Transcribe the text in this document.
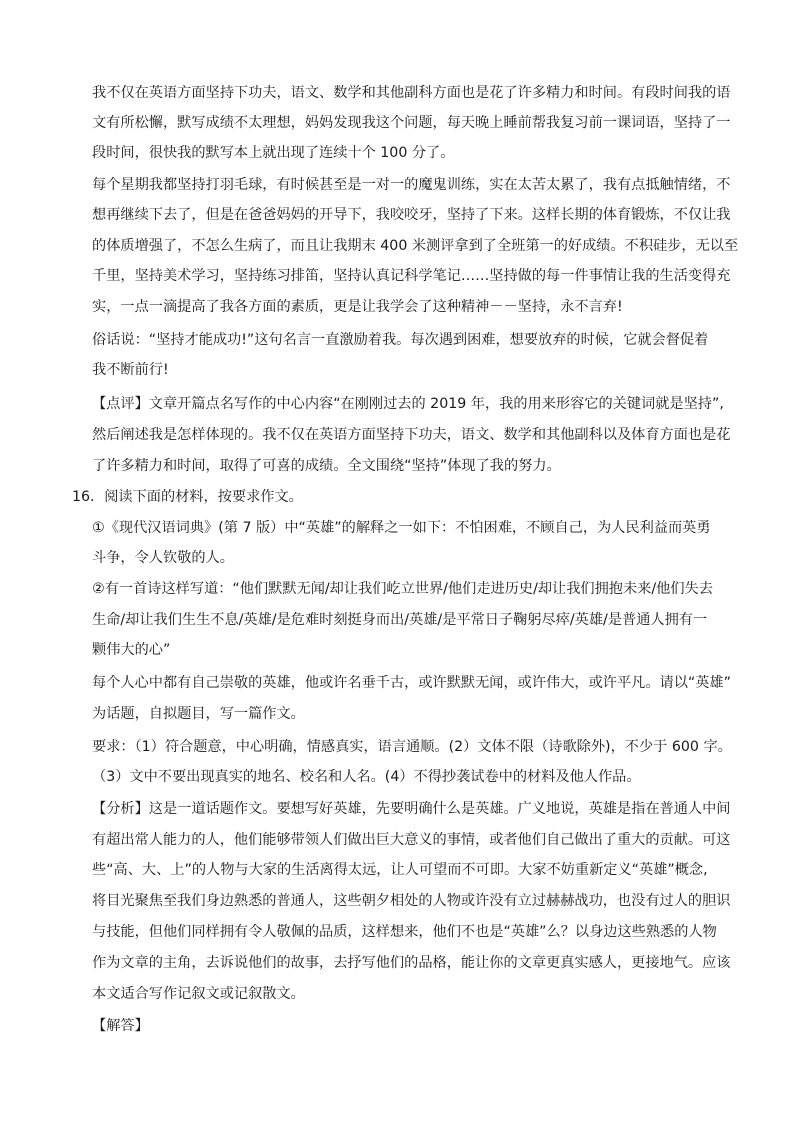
我不仅在英语方面坚持下功夫，语文、数学和其他副科方面也是花了许多精力和时间。有段时间我的语
文有所松懈，默写成绩不太理想，妈妈发现我这个问题，每天晚上睡前帮我复习前一课词语，坚持了一
段时间，很快我的默写本上就出现了连续十个 100 分了。
每个星期我都坚持打羽毛球，有时候甚至是一对一的魔鬼训练，实在太苦太累了，我有点抵触情绪，不
想再继续下去了，但是在爸爸妈妈的开导下，我咬咬牙，坚持了下来。这样长期的体育锻炼，不仅让我
的体质增强了，不怎么生病了，而且让我期末 400 米测评拿到了全班第一的好成绩。不积硅步，无以至
千里，坚持美术学习，坚持练习排笛，坚持认真记科学笔记……坚持做的每一件事情让我的生活变得充
实，一点一滴提高了我各方面的素质，更是让我学会了这种精神－－坚持，永不言弃!
俗话说：“坚持才能成功!”这句名言一直激励着我。每次遇到困难，想要放弃的时候，它就会督促着
我不断前行!
【点评】文章开篇点名写作的中心内容“在刚刚过去的 2019 年，我的用来形容它的关键词就是坚持”,
然后阐述我是怎样体现的。我不仅在英语方面坚持下功夫，语文、数学和其他副科以及体育方面也是花
了许多精力和时间，取得了可喜的成绩。全文围绕“坚持”体现了我的努力。
16．阅读下面的材料，按要求作文。
①《现代汉语词典》(第 7 版）中“英雄”的解释之一如下：不怕困难，不顾自己，为人民利益而英勇
斗争，令人钦敬的人。
②有一首诗这样写道：“他们默默无闻/却让我们屹立世界/他们走进历史/却让我们拥抱未来/他们失去
生命/却让我们生生不息/英雄/是危难时刻挺身而出/英雄/是平常日子鞠躬尽瘁/英雄/是普通人拥有一
颗伟大的心”
每个人心中都有自己崇敬的英雄，他或许名垂千古，或许默默无闻，或许伟大，或许平凡。请以“英雄”
为话题，自拟题目，写一篇作文。
要求：（1）符合题意，中心明确，情感真实，语言通顺。(2）文体不限（诗歌除外)，不少于 600 字。
（3）文中不要出现真实的地名、校名和人名。(4）不得抄袭试卷中的材料及他人作品。
【分析】这是一道话题作文。要想写好英雄，先要明确什么是英雄。广义地说，英雄是指在普通人中间
有超出常人能力的人，他们能够带领人们做出巨大意义的事情，或者他们自己做出了重大的贡献。可这
些“高、大、上”的人物与大家的生活离得太远，让人可望而不可即。大家不妨重新定义“英雄”概念,
将目光聚焦至我们身边熟悉的普通人，这些朝夕相处的人物或许没有立过赫赫战功，也没有过人的胆识
与技能，但他们同样拥有令人敬佩的品质，这样想来，他们不也是“英雄”么？以身边这些熟悉的人物
作为文章的主角，去诉说他们的故事，去抒写他们的品格，能让你的文章更真实感人，更接地气。应该
本文适合写作记叙文或记叙散文。
【解答】
